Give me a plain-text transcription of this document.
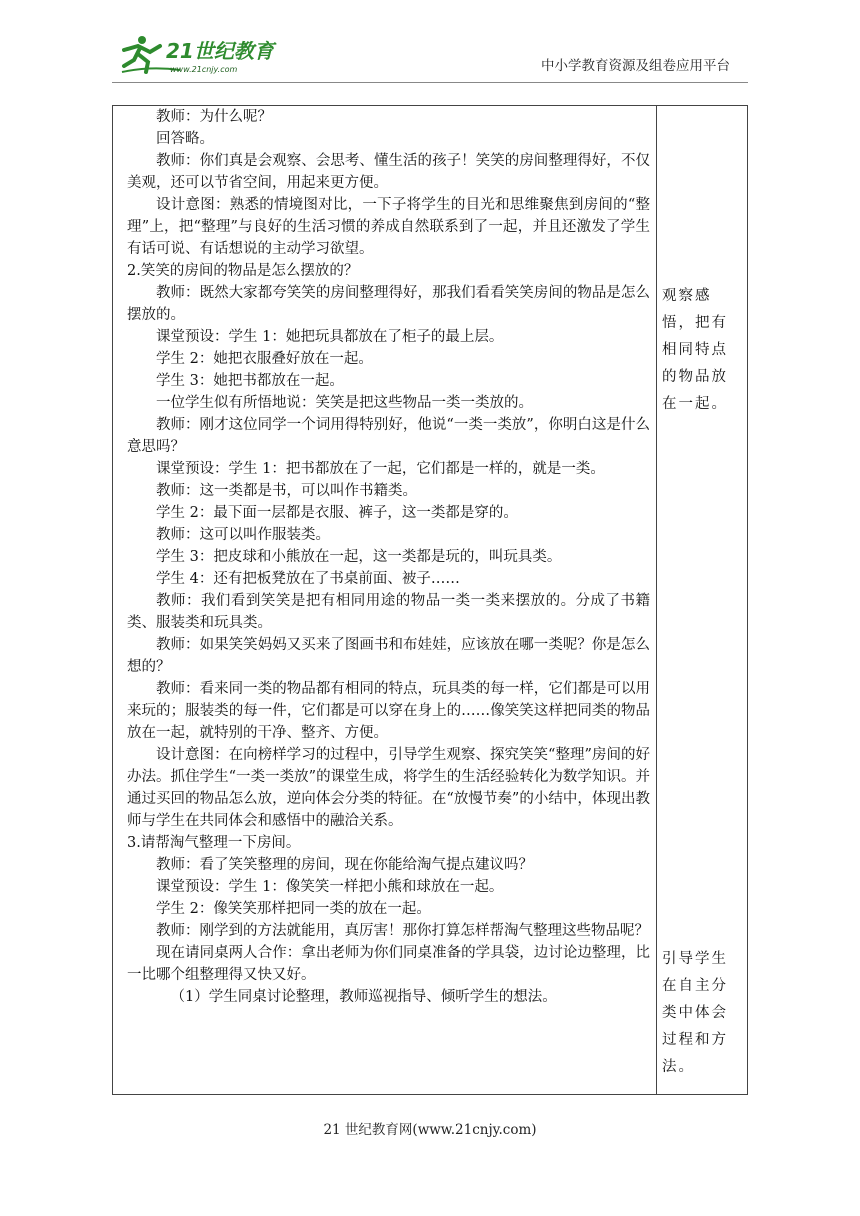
21世纪教育
www.21cnjy.com	中小学教育资源及组卷应用平台

教师：为什么呢？

回答略。

教师：你们真是会观察、会思考、懂生活的孩子！笑笑的房间整理得好，不仅美观，还可以节省空间，用起来更方便。

设计意图：熟悉的情境图对比，一下子将学生的目光和思维聚焦到房间的“整理”上，把“整理”与良好的生活习惯的养成自然联系到了一起，并且还激发了学生有话可说、有话想说的主动学习欲望。

2.笑笑的房间的物品是怎么摆放的？

教师：既然大家都夸笑笑的房间整理得好，那我们看看笑笑房间的物品是怎么摆放的。

课堂预设：学生 1：她把玩具都放在了柜子的最上层。

学生 2：她把衣服叠好放在一起。

学生 3：她把书都放在一起。

一位学生似有所悟地说：笑笑是把这些物品一类一类放的。

教师：刚才这位同学一个词用得特别好，他说“一类一类放”，你明白这是什么意思吗？

课堂预设：学生 1：把书都放在了一起，它们都是一样的，就是一类。

教师：这一类都是书，可以叫作书籍类。

学生 2：最下面一层都是衣服、裤子，这一类都是穿的。

教师：这可以叫作服装类。

学生 3：把皮球和小熊放在一起，这一类都是玩的，叫玩具类。

学生 4：还有把板凳放在了书桌前面、被子……

教师：我们看到笑笑是把有相同用途的物品一类一类来摆放的。分成了书籍类、服装类和玩具类。

教师：如果笑笑妈妈又买来了图画书和布娃娃，应该放在哪一类呢？你是怎么想的？

教师：看来同一类的物品都有相同的特点，玩具类的每一样，它们都是可以用来玩的；服装类的每一件，它们都是可以穿在身上的……像笑笑这样把同类的物品放在一起，就特别的干净、整齐、方便。

设计意图：在向榜样学习的过程中，引导学生观察、探究笑笑“整理”房间的好办法。抓住学生“一类一类放”的课堂生成，将学生的生活经验转化为数学知识。并通过买回的物品怎么放，逆向体会分类的特征。在“放慢节奏”的小结中，体现出教师与学生在共同体会和感悟中的融洽关系。

3.请帮淘气整理一下房间。

教师：看了笑笑整理的房间，现在你能给淘气提点建议吗？

课堂预设：学生 1：像笑笑一样把小熊和球放在一起。

学生 2：像笑笑那样把同一类的放在一起。

教师：刚学到的方法就能用，真厉害！那你打算怎样帮淘气整理这些物品呢？

现在请同桌两人合作：拿出老师为你们同桌准备的学具袋，边讨论边整理，比一比哪个组整理得又快又好。

（1）学生同桌讨论整理，教师巡视指导、倾听学生的想法。

观察感悟，把有相同特点的物品放在一起。

引导学生在自主分类中体会过程和方法。

21 世纪教育网(www.21cnjy.com)
